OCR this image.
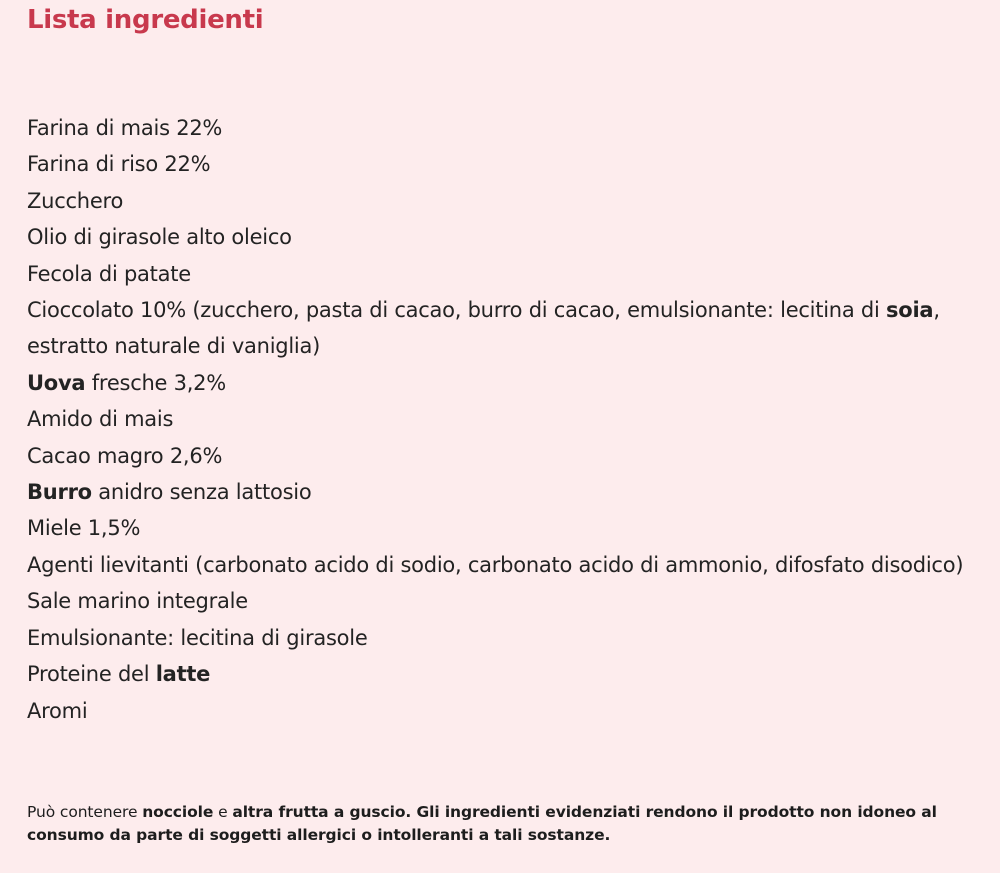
Lista ingredienti
Farina di mais 22%
Farina di riso 22%
Zucchero
Olio di girasole alto oleico
Fecola di patate
Cioccolato 10% (zucchero, pasta di cacao, burro di cacao, emulsionante: lecitina di soia, estratto naturale di vaniglia)
Uova fresche 3,2%
Amido di mais
Cacao magro 2,6%
Burro anidro senza lattosio
Miele 1,5%
Agenti lievitanti (carbonato acido di sodio, carbonato acido di ammonio, difosfato disodico)
Sale marino integrale
Emulsionante: lecitina di girasole
Proteine del latte
Aromi

Può contenere nocciole e altra frutta a guscio. Gli ingredienti evidenziati rendono il prodotto non idoneo al consumo da parte di soggetti allergici o intolleranti a tali sostanze.
